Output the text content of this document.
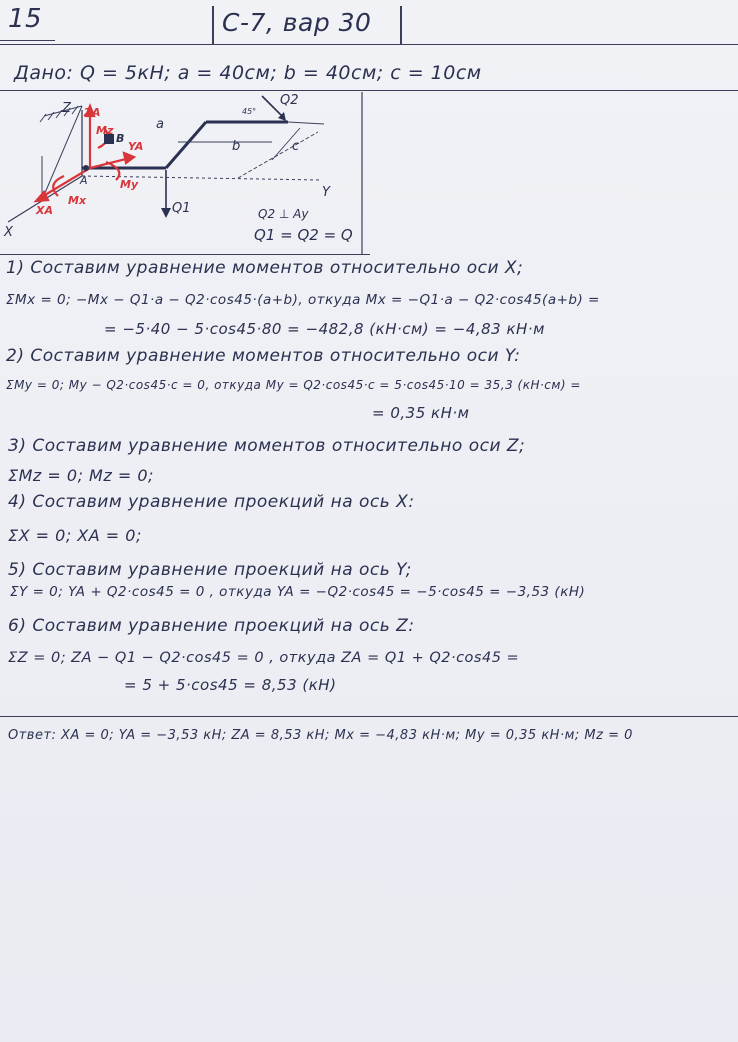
15	С-7, вар 30
Дано: Q = 5кН; a = 40см; b = 40см; c = 10см
Z
X
Y
ZA
YA
XA
Mz
My
Mx
A
B
a
b	c
45°
Q1
Q2
Q2 ⊥ Ay
Q1 = Q2 = Q
1) Составим уравнение моментов относительно оси X;
ΣMx = 0; −Mx − Q1·a − Q2·cos45·(a+b), откуда Mx = −Q1·a − Q2·cos45(a+b) =
= −5·40 − 5·cos45·80 = −482,8 (кН·см) = −4,83 кН·м
2) Составим уравнение моментов относительно оси Y:
ΣMy = 0; My − Q2·cos45·c = 0, откуда My = Q2·cos45·c = 5·cos45·10 = 35,3 (кН·см) =
= 0,35 кН·м
3) Составим уравнение моментов относительно оси Z;
ΣMz = 0; Mz = 0;
4) Составим уравнение проекций на ось X:
ΣX = 0; XA = 0;
5) Составим уравнение проекций на ось Y;
ΣY = 0; YA + Q2·cos45 = 0 , откуда YA = −Q2·cos45 = −5·cos45 = −3,53 (кН)
6) Составим уравнение проекций на ось Z:
ΣZ = 0; ZA − Q1 − Q2·cos45 = 0 , откуда ZA = Q1 + Q2·cos45 =
= 5 + 5·cos45 = 8,53 (кН)
Ответ: XA = 0; YA = −3,53 кН; ZA = 8,53 кН; Mx = −4,83 кН·м; My = 0,35 кН·м; Mz = 0
